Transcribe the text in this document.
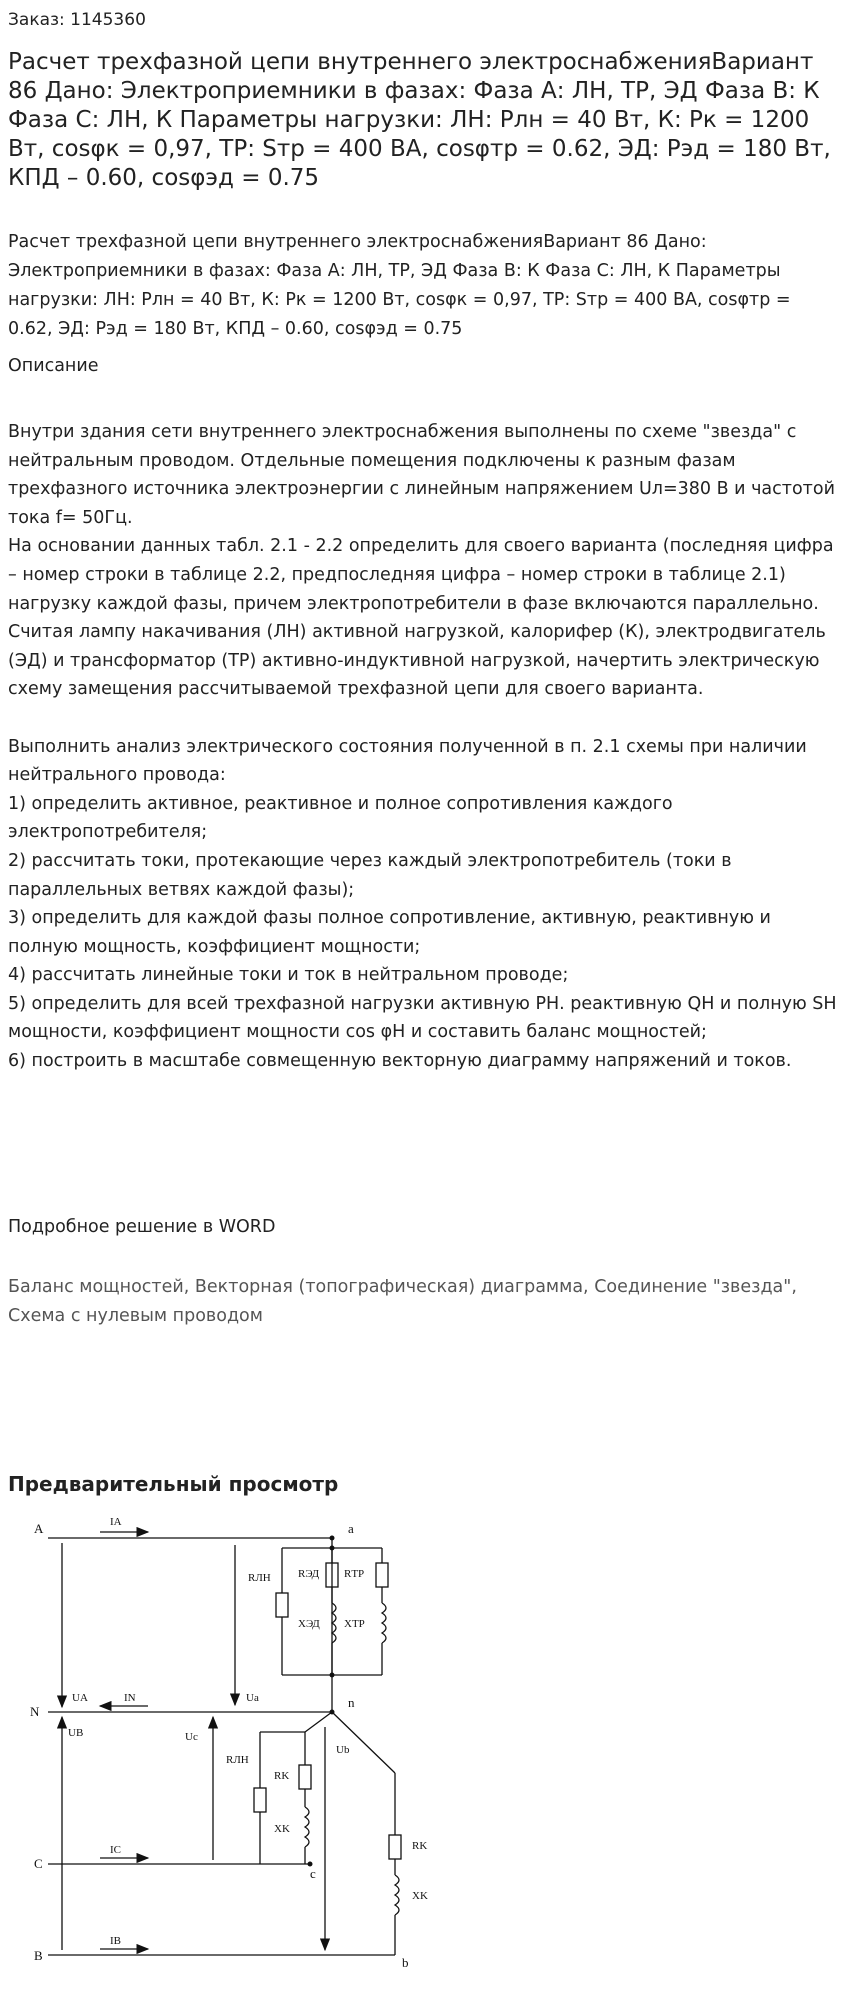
Заказ: 1145360
Расчет трехфазной цепи внутреннего электроснабженияВариант 86 Дано: Электроприемники в фазах: Фаза А: ЛН, ТР, ЭД Фаза В: К Фаза С: ЛН, К Параметры нагрузки: ЛН: Pлн = 40 Вт, К: Pк = 1200 Вт, cosφк = 0,97, ТР: Sтр = 400 ВА, cosφтр = 0.62, ЭД: Pэд = 180 Вт, КПД – 0.60, cosφэд = 0.75
Расчет трехфазной цепи внутреннего электроснабженияВариант 86 Дано: Электроприемники в фазах: Фаза А: ЛН, ТР, ЭД Фаза В: К Фаза С: ЛН, К Параметры нагрузки: ЛН: Pлн = 40 Вт, К: Pк = 1200 Вт, cosφк = 0,97, ТР: Sтр = 400 ВА, cosφтр = 0.62, ЭД: Pэд = 180 Вт, КПД – 0.60, cosφэд = 0.75
Описание

Внутри здания сети внутреннего электроснабжения выполнены по схеме "звезда" с нейтральным проводом. Отдельные помещения подключены к разным фазам трехфазного источника электроэнергии с линейным напряжением Uл=380 В и частотой тока f= 50Гц.
На основании данных табл. 2.1 - 2.2 определить для своего варианта (последняя цифра – номер строки в таблице 2.2, предпоследняя цифра – номер строки в таблице 2.1) нагрузку каждой фазы, причем электропотребители в фазе включаются параллельно.
Считая лампу накачивания (ЛН) активной нагрузкой, калорифер (К), электродвигатель (ЭД) и трансформатор (ТР) активно-индуктивной нагрузкой, начертить электрическую схему замещения рассчитываемой трехфазной цепи для своего варианта.

Выполнить анализ электрического состояния полученной в п. 2.1 схемы при наличии нейтрального провода:
1) определить активное, реактивное и полное сопротивления каждого электропотребителя;
2) рассчитать токи, протекающие через каждый электропотребитель (токи в параллельных ветвях каждой фазы);
3) определить для каждой фазы полное сопротивление, активную, реактивную и полную мощность, коэффициент мощности;
4) рассчитать линейные токи и ток в нейтральном проводе;
5) определить для всей трехфазной нагрузки активную PН. реактивную QН и полную SН мощности, коэффициент мощности cos φН и составить баланс мощностей;
6) построить в масштабе совмещенную векторную диаграмму напряжений и токов.

Подробное решение в WORD
Баланс мощностей, Векторная (топографическая) диаграмма, Соединение "звезда", Схема с нулевым проводом
Предварительный просмотр
A
N
C
B
a
n
c
b
IA
IN
IC
IB
UA
UB	Uc
Ua
Ub
RЛН RЭД
XЭД
RТР
XТР
RЛН
RK
XK
RK
XK
